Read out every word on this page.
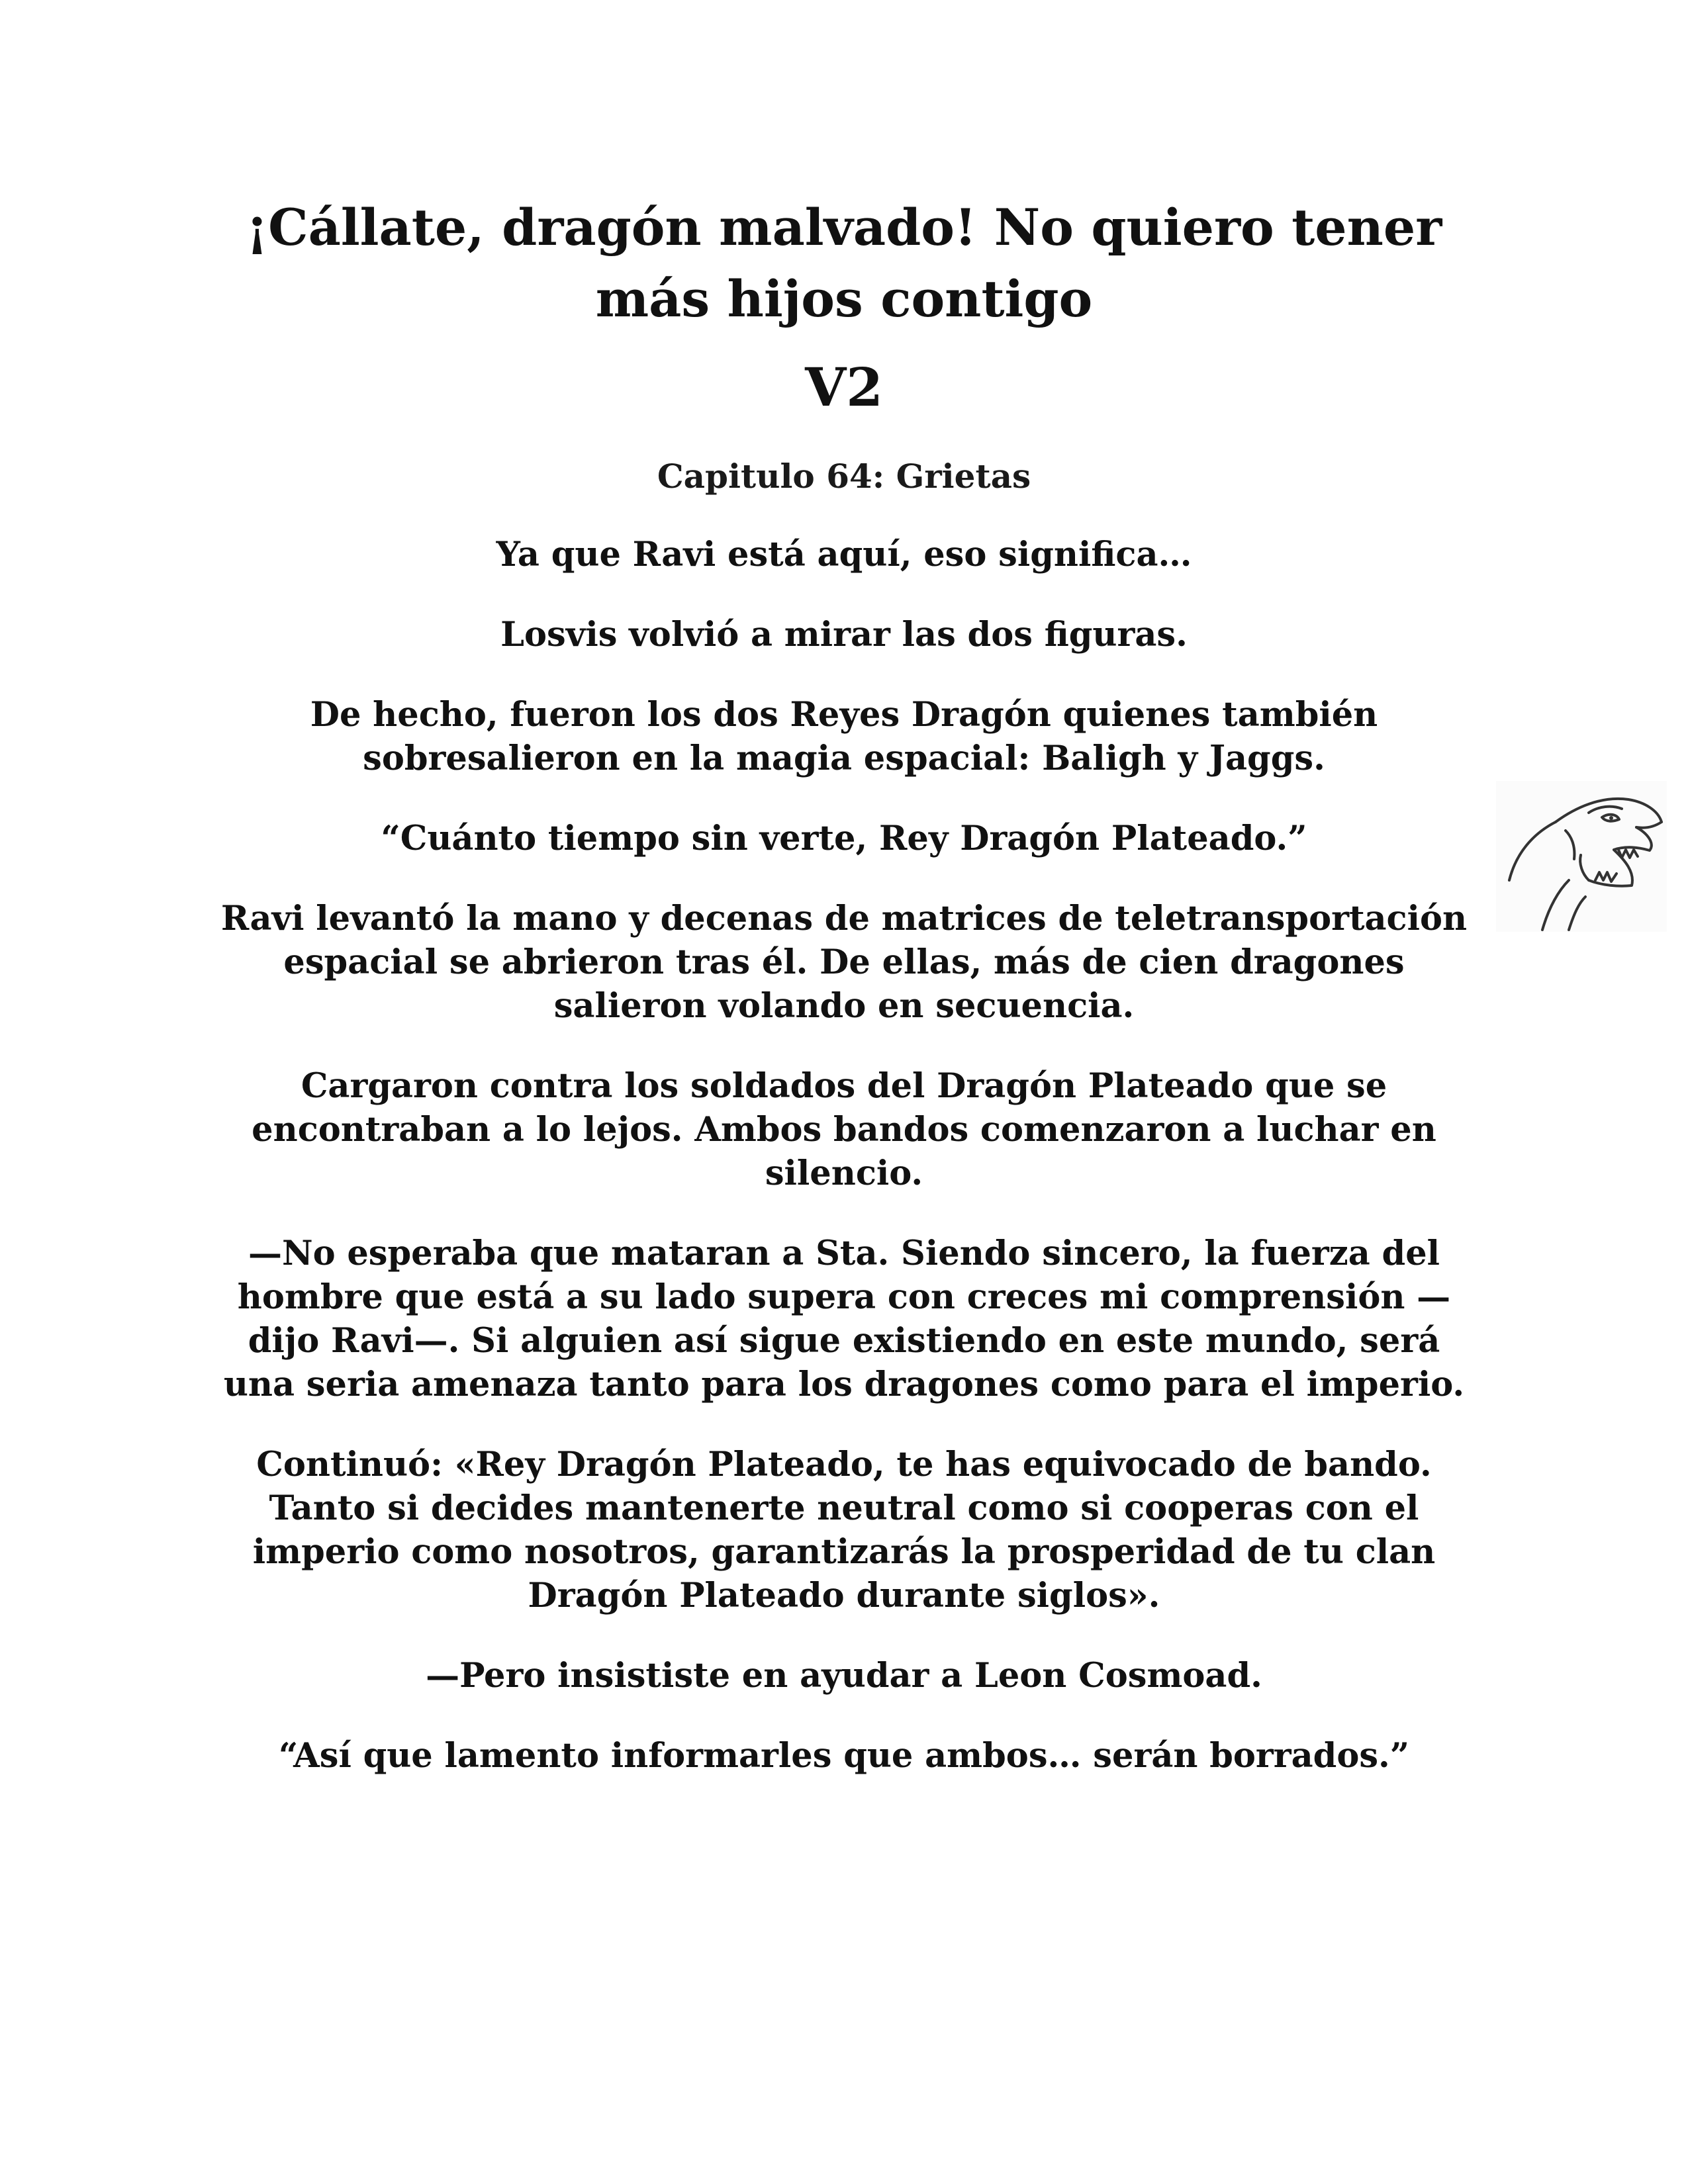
¡Cállate, dragón malvado! No quiero tener más hijos contigo
V2
Capitulo 64: Grietas

Ya que Ravi está aquí, eso significa…

Losvis volvió a mirar las dos figuras.

De hecho, fueron los dos Reyes Dragón quienes también sobresalieron en la magia espacial: Baligh y Jaggs.

“Cuánto tiempo sin verte, Rey Dragón Plateado.”

Ravi levantó la mano y decenas de matrices de teletransportación espacial se abrieron tras él. De ellas, más de cien dragones salieron volando en secuencia.

Cargaron contra los soldados del Dragón Plateado que se encontraban a lo lejos. Ambos bandos comenzaron a luchar en silencio.

—No esperaba que mataran a Sta. Siendo sincero, la fuerza del hombre que está a su lado supera con creces mi comprensión —dijo Ravi—. Si alguien así sigue existiendo en este mundo, será una seria amenaza tanto para los dragones como para el imperio.

Continuó: «Rey Dragón Plateado, te has equivocado de bando. Tanto si decides mantenerte neutral como si cooperas con el imperio como nosotros, garantizarás la prosperidad de tu clan Dragón Plateado durante siglos».

—Pero insististe en ayudar a Leon Cosmoad.

“Así que lamento informarles que ambos… serán borrados.”
